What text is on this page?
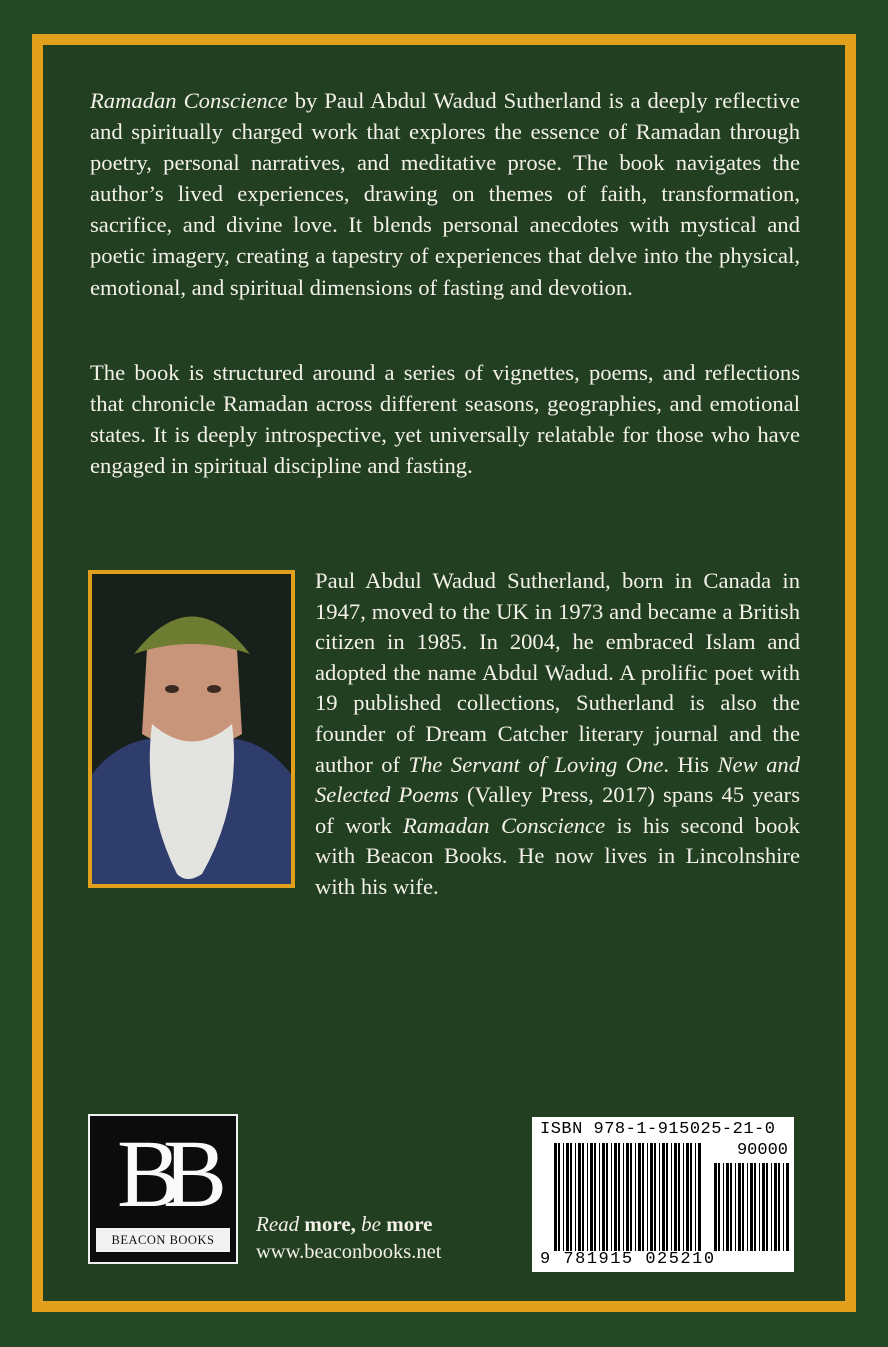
Ramadan Conscience by Paul Abdul Wadud Sutherland is a deeply reflective and spiritually charged work that explores the essence of Ramadan through poetry, personal narratives, and meditative prose. The book navigates the author’s lived experiences, drawing on themes of faith, transformation, sacrifice, and divine love. It blends personal anecdotes with mystical and poetic imagery, creating a tapestry of experiences that delve into the physical, emotional, and spiritual dimensions of fasting and devotion.
The book is structured around a series of vignettes, poems, and reflections that chronicle Ramadan across different seasons, geographies, and emotional states. It is deeply introspective, yet universally relatable for those who have engaged in spiritual discipline and fasting.
Paul Abdul Wadud Sutherland, born in Canada in 1947, moved to the UK in 1973 and became a British citizen in 1985. In 2004, he embraced Islam and adopted the name Abdul Wadud. A prolific poet with 19 published collections, Sutherland is also the founder of Dream Catcher literary journal and the author of The Servant of Loving One. His New and Selected Poems (Valley Press, 2017) spans 45 years of work Ramadan Conscience is his second book with Beacon Books. He now lives in Lincolnshire with his wife.
BB
BEACON BOOKS
Read more, be more
www.beaconbooks.net
ISBN 978-1-915025-21-0
90000
9 781915 025210
